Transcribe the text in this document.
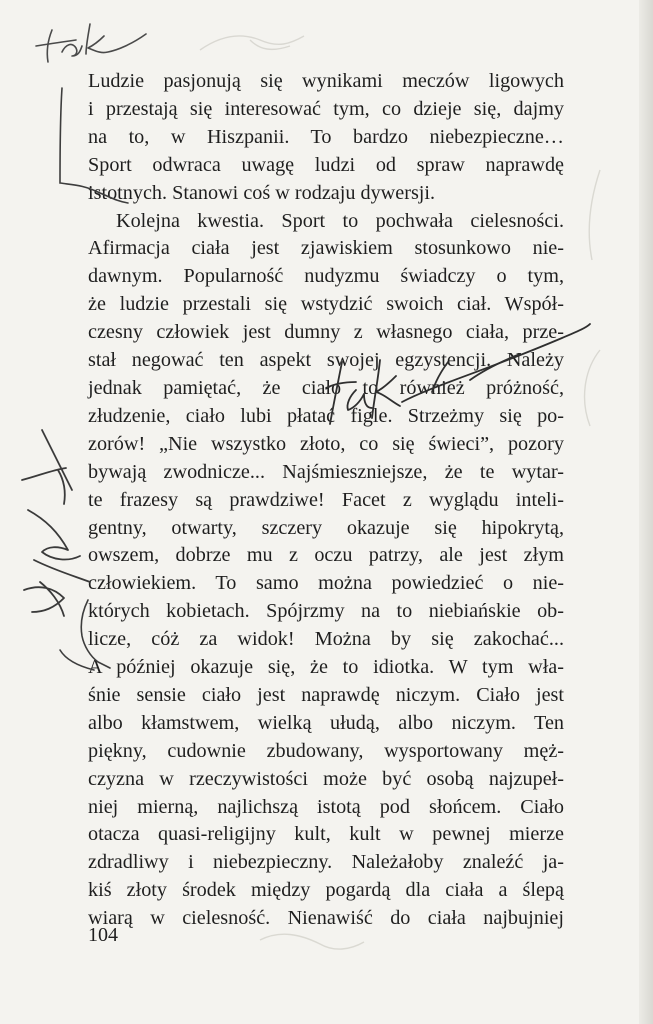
Ludzie pasjonują się wynikami meczów ligowych
i przestają się interesować tym, co dzieje się, dajmy
na to, w Hiszpanii. To bardzo niebezpieczne…
Sport odwraca uwagę ludzi od spraw naprawdę
istotnych. Stanowi coś w rodzaju dywersji.
Kolejna kwestia. Sport to pochwała cielesności.
Afirmacja ciała jest zjawiskiem stosunkowo nie-
dawnym. Popularność nudyzmu świadczy o tym,
że ludzie przestali się wstydzić swoich ciał. Współ-
czesny człowiek jest dumny z własnego ciała, prze-
stał negować ten aspekt swojej egzystencji. Należy
jednak pamiętać, że ciało to również próżność,
złudzenie, ciało lubi płatać figle. Strzeżmy się po-
zorów! „Nie wszystko złoto, co się świeci”, pozory
bywają zwodnicze... Najśmieszniejsze, że te wytar-
te frazesy są prawdziwe! Facet z wyglądu inteli-
gentny, otwarty, szczery okazuje się hipokrytą,
owszem, dobrze mu z oczu patrzy, ale jest złym
człowiekiem. To samo można powiedzieć o nie-
których kobietach. Spójrzmy na to niebiańskie ob-
licze, cóż za widok! Można by się zakochać...
A później okazuje się, że to idiotka. W tym wła-
śnie sensie ciało jest naprawdę niczym. Ciało jest
albo kłamstwem, wielką ułudą, albo niczym. Ten
piękny, cudownie zbudowany, wysportowany męż-
czyzna w rzeczywistości może być osobą najzupeł-
niej mierną, najlichszą istotą pod słońcem. Ciało
otacza quasi-religijny kult, kult w pewnej mierze
zdradliwy i niebezpieczny. Należałoby znaleźć ja-
kiś złoty środek między pogardą dla ciała a ślepą
wiarą w cielesność. Nienawiść do ciała najbujniej
104
